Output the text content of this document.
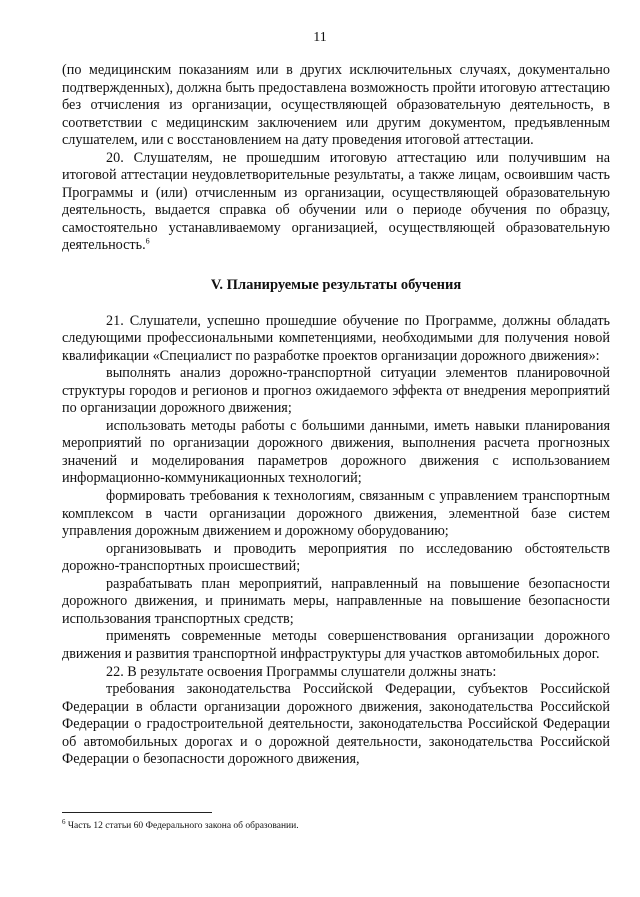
11

(по медицинским показаниям или в других исключительных случаях, документально подтвержденных), должна быть предоставлена возможность пройти итоговую аттестацию без отчисления из организации, осуществляющей образовательную деятельность, в соответствии с медицинским заключением или другим документом, предъявленным слушателем, или с восстановлением на дату проведения итоговой аттестации.

20. Слушателям, не прошедшим итоговую аттестацию или получившим на итоговой аттестации неудовлетворительные результаты, а также лицам, освоившим часть Программы и (или) отчисленным из организации, осуществляющей образовательную деятельность, выдается справка об обучении или о периоде обучения по образцу, самостоятельно устанавливаемому организацией, осуществляющей образовательную деятельность.$^6$

V. Планируемые результаты обучения

21. Слушатели, успешно прошедшие обучение по Программе, должны обладать следующими профессиональными компетенциями, необходимыми для получения новой квалификации «Специалист по разработке проектов организации дорожного движения»:

выполнять анализ дорожно-транспортной ситуации элементов планировочной структуры городов и регионов и прогноз ожидаемого эффекта от внедрения мероприятий по организации дорожного движения;

использовать методы работы с большими данными, иметь навыки планирования мероприятий по организации дорожного движения, выполнения расчета прогнозных значений и моделирования параметров дорожного движения с использованием информационно-коммуникационных технологий;

формировать требования к технологиям, связанным с управлением транспортным комплексом в части организации дорожного движения, элементной базе систем управления дорожным движением и дорожному оборудованию;

организовывать и проводить мероприятия по исследованию обстоятельств дорожно-транспортных происшествий;

разрабатывать план мероприятий, направленный на повышение безопасности дорожного движения, и принимать меры, направленные на повышение безопасности использования транспортных средств;

применять современные методы совершенствования организации дорожного движения и развития транспортной инфраструктуры для участков автомобильных дорог.

22. В результате освоения Программы слушатели должны знать:

требования законодательства Российской Федерации, субъектов Российской Федерации в области организации дорожного движения, законодательства Российской Федерации о градостроительной деятельности, законодательства Российской Федерации об автомобильных дорогах и о дорожной деятельности, законодательства Российской Федерации о безопасности дорожного движения,

$^6$ Часть 12 статьи 60 Федерального закона об образовании.
